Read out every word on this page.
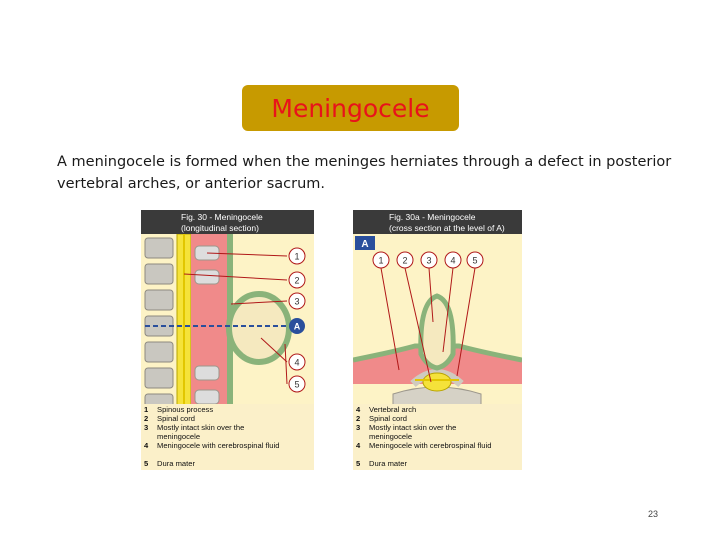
Meningocele
A meningocele is formed when the meninges herniates through a defect in posterior vertebral arches, or anterior sacrum.
Fig. 30 - Meningocele
(longitudinal section)
1
2
3
A
4
5
1 Spinous process
2 Spinal cord
3 Mostly intact skin over the meningocele
4 Meningocele with cerebrospinal fluid
5 Dura mater
Fig. 30a - Meningocele
(cross section at the level of A)
A
1 2 3 4 5
4 Vertebral arch
2 Spinal cord
3 Mostly intact skin over the meningocele
4 Meningocele with cerebrospinal fluid
5 Dura mater
23
